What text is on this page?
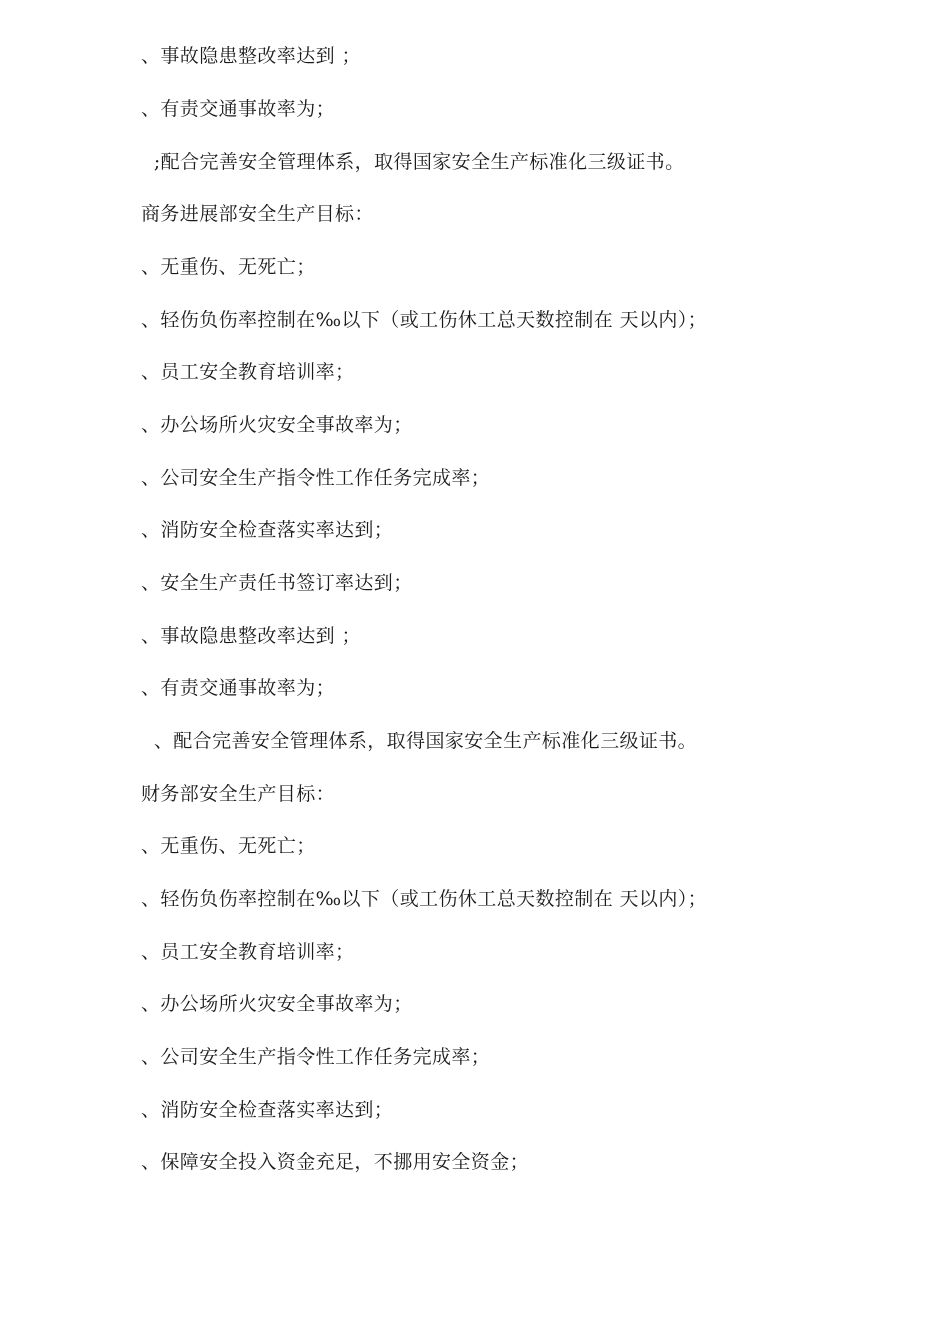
、事故隐患整改率达到 ；
、有责交通事故率为；
;配合完善安全管理体系，取得国家安全生产标准化三级证书。
商务进展部安全生产目标：
、无重伤、无死亡；
、轻伤负伤率控制在‰以下（或工伤休工总天数控制在 天以内）；
、员工安全教育培训率；
、办公场所火灾安全事故率为；
、公司安全生产指令性工作任务完成率；
、消防安全检查落实率达到；
、安全生产责任书签订率达到；
、事故隐患整改率达到 ；
、有责交通事故率为；
、配合完善安全管理体系，取得国家安全生产标准化三级证书。
财务部安全生产目标：
、无重伤、无死亡；
、轻伤负伤率控制在‰以下（或工伤休工总天数控制在 天以内）；
、员工安全教育培训率；
、办公场所火灾安全事故率为；
、公司安全生产指令性工作任务完成率；
、消防安全检查落实率达到；
、保障安全投入资金充足，不挪用安全资金；
